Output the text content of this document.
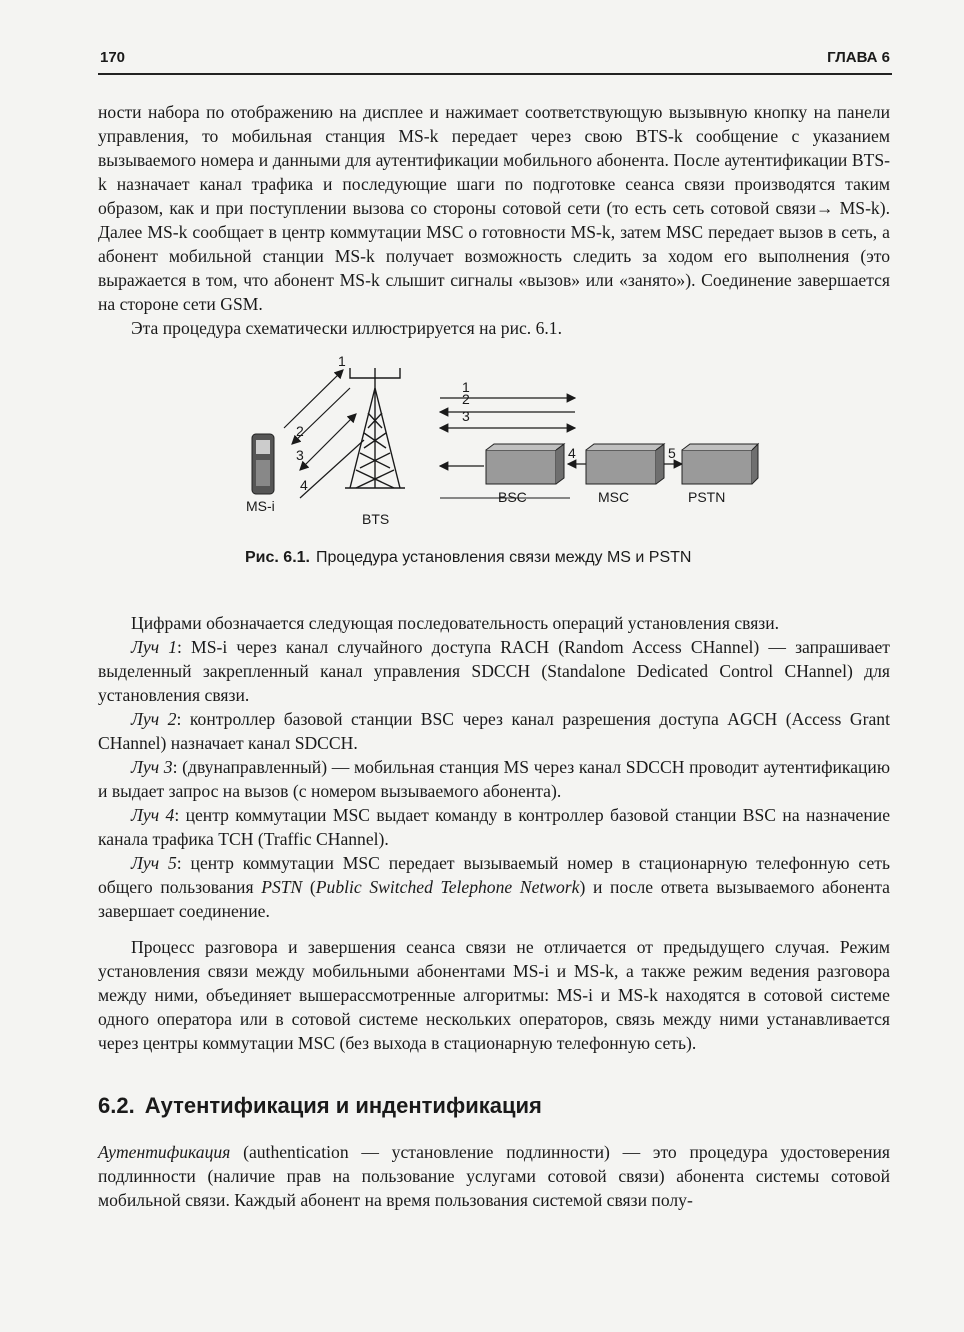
170	ГЛАВА 6

ности набора по отображению на дисплее и нажимает соответствующую вызывную кнопку на панели управления, то мобильная станция MS-k передает через свою BTS-k сообщение с указанием вызываемого номера и данными для аутентификации мобильного абонента. После аутентификации BTS-k назначает канал трафика и последующие шаги по подготовке сеанса связи производятся таким образом, как и при поступлении вызова со стороны сотовой сети (то есть сеть сотовой связи→ MS-k). Далее MS-k сообщает в центр коммутации MSC о готовности MS-k, затем MSC передает вызов в сеть, а абонент мобильной станции MS-k получает возможность следить за ходом его выполнения (это выражается в том, что абонент MS-k слышит сигналы «вызов» или «занято»). Соединение завершается на стороне сети GSM.

Эта процедура схематически иллюстрируется на рис. 6.1.

MS-i
BTS
1
2
3
4
1
2
3
BSC
4
MSC
5
PSTN
Рис. 6.1. Процедура установления связи между MS и PSTN

Цифрами обозначается следующая последовательность операций установления связи.

Луч 1: MS-i через канал случайного доступа RACH (Random Access CHannel) — запрашивает выделенный закрепленный канал управления SDCCH (Standalone Dedicated Control CHannel) для установления связи.

Луч 2: контроллер базовой станции BSC через канал разрешения доступа AGCH (Access Grant CHannel) назначает канал SDCCH.

Луч 3: (двунаправленный) — мобильная станция MS через канал SDCCH проводит аутентификацию и выдает запрос на вызов (с номером вызываемого абонента).

Луч 4: центр коммутации MSC выдает команду в контроллер базовой станции BSC на назначение канала трафика TCH (Traffic CHannel).

Луч 5: центр коммутации MSC передает вызываемый номер в стационарную телефонную сеть общего пользования PSTN (Public Switched Telephone Network) и после ответа вызываемого абонента завершает соединение.

Процесс разговора и завершения сеанса связи не отличается от предыдущего случая. Режим установления связи между мобильными абонентами MS-i и MS-k, а также режим ведения разговора между ними, объединяет вышерассмотренные алгоритмы: MS-i и MS-k находятся в сотовой системе одного оператора или в сотовой системе нескольких операторов, связь между ними устанавливается через центры коммутации MSC (без выхода в стационарную телефонную сеть).

6.2. Аутентификация и индентификация

Аутентификация (authentication — установление подлинности) — это процедура удостоверения подлинности (наличие прав на пользование услугами сотовой связи) абонента системы сотовой мобильной связи. Каждый абонент на время пользования системой связи полу-
